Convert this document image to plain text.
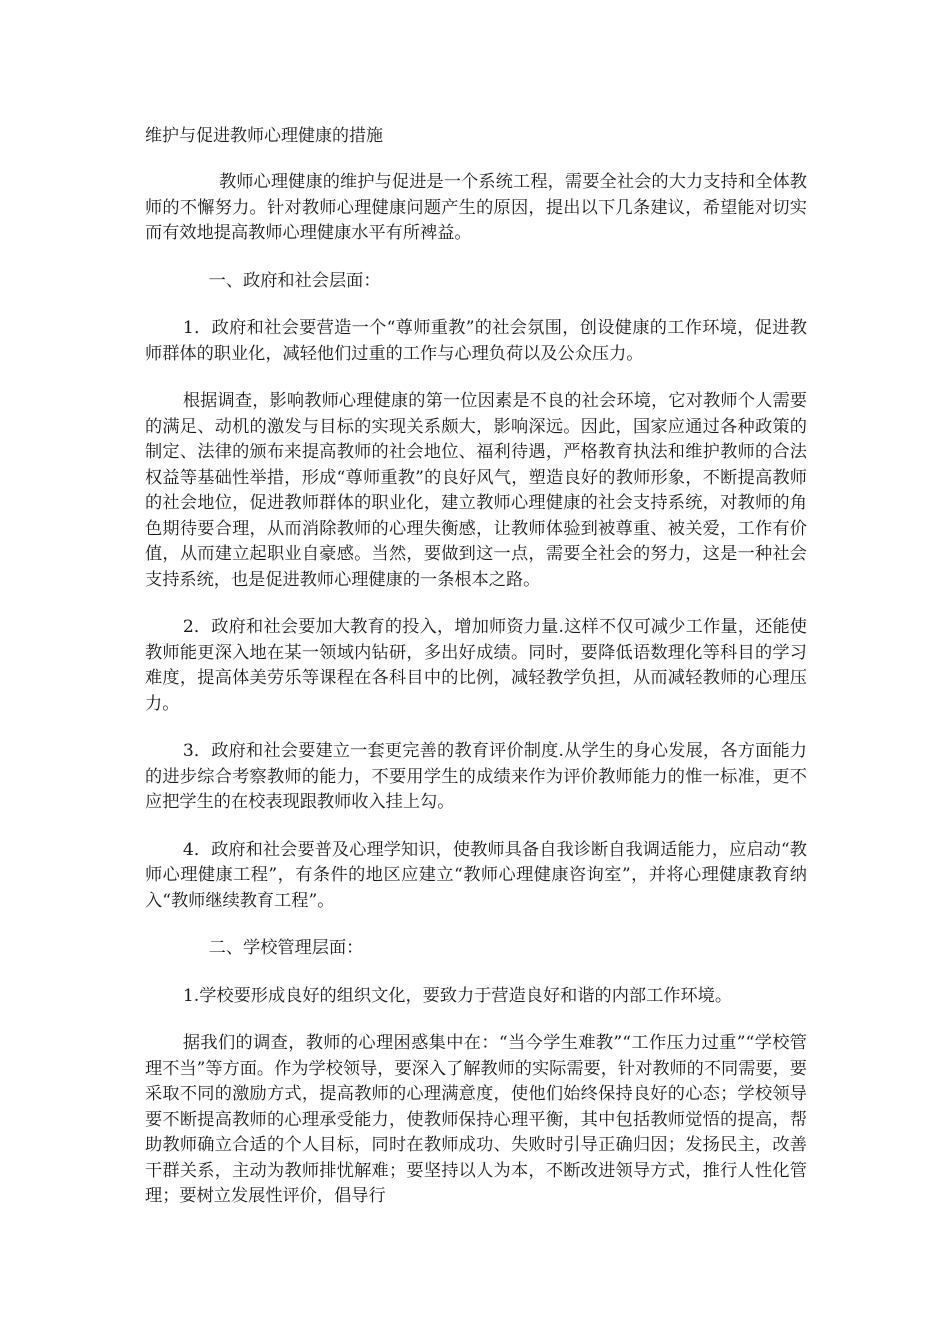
维护与促进教师心理健康的措施

教师心理健康的维护与促进是一个系统工程，需要全社会的大力支持和全体教师的不懈努力。针对教师心理健康问题产生的原因，提出以下几条建议，希望能对切实而有效地提高教师心理健康水平有所裨益。

一、政府和社会层面：

1．政府和社会要营造一个“尊师重教”的社会氛围，创设健康的工作环境，促进教师群体的职业化，减轻他们过重的工作与心理负荷以及公众压力。

根据调查，影响教师心理健康的第一位因素是不良的社会环境，它对教师个人需要的满足、动机的激发与目标的实现关系颇大，影响深远。因此，国家应通过各种政策的制定、法律的颁布来提高教师的社会地位、福利待遇，严格教育执法和维护教师的合法权益等基础性举措，形成“尊师重教”的良好风气，塑造良好的教师形象，不断提高教师的社会地位，促进教师群体的职业化，建立教师心理健康的社会支持系统，对教师的角色期待要合理，从而消除教师的心理失衡感，让教师体验到被尊重、被关爱，工作有价值，从而建立起职业自豪感。当然，要做到这一点，需要全社会的努力，这是一种社会支持系统，也是促进教师心理健康的一条根本之路。

2．政府和社会要加大教育的投入，增加师资力量.这样不仅可减少工作量，还能使教师能更深入地在某一领域内钻研，多出好成绩。同时，要降低语数理化等科目的学习难度，提高体美劳乐等课程在各科目中的比例，减轻教学负担，从而减轻教师的心理压力。

3．政府和社会要建立一套更完善的教育评价制度.从学生的身心发展，各方面能力的进步综合考察教师的能力，不要用学生的成绩来作为评价教师能力的惟一标准，更不应把学生的在校表现跟教师收入挂上勾。

4．政府和社会要普及心理学知识，使教师具备自我诊断自我调适能力，应启动“教师心理健康工程”，有条件的地区应建立“教师心理健康咨询室”，并将心理健康教育纳入“教师继续教育工程”。

二、学校管理层面：

1.学校要形成良好的组织文化，要致力于营造良好和谐的内部工作环境。

据我们的调查，教师的心理困惑集中在：“当今学生难教”“工作压力过重”“学校管理不当”等方面。作为学校领导，要深入了解教师的实际需要，针对教师的不同需要，要采取不同的激励方式，提高教师的心理满意度，使他们始终保持良好的心态；学校领导要不断提高教师的心理承受能力，使教师保持心理平衡，其中包括教师觉悟的提高，帮助教师确立合适的个人目标，同时在教师成功、失败时引导正确归因；发扬民主，改善干群关系，主动为教师排忧解难；要坚持以人为本，不断改进领导方式，推行人性化管理；要树立发展性评价，倡导行
